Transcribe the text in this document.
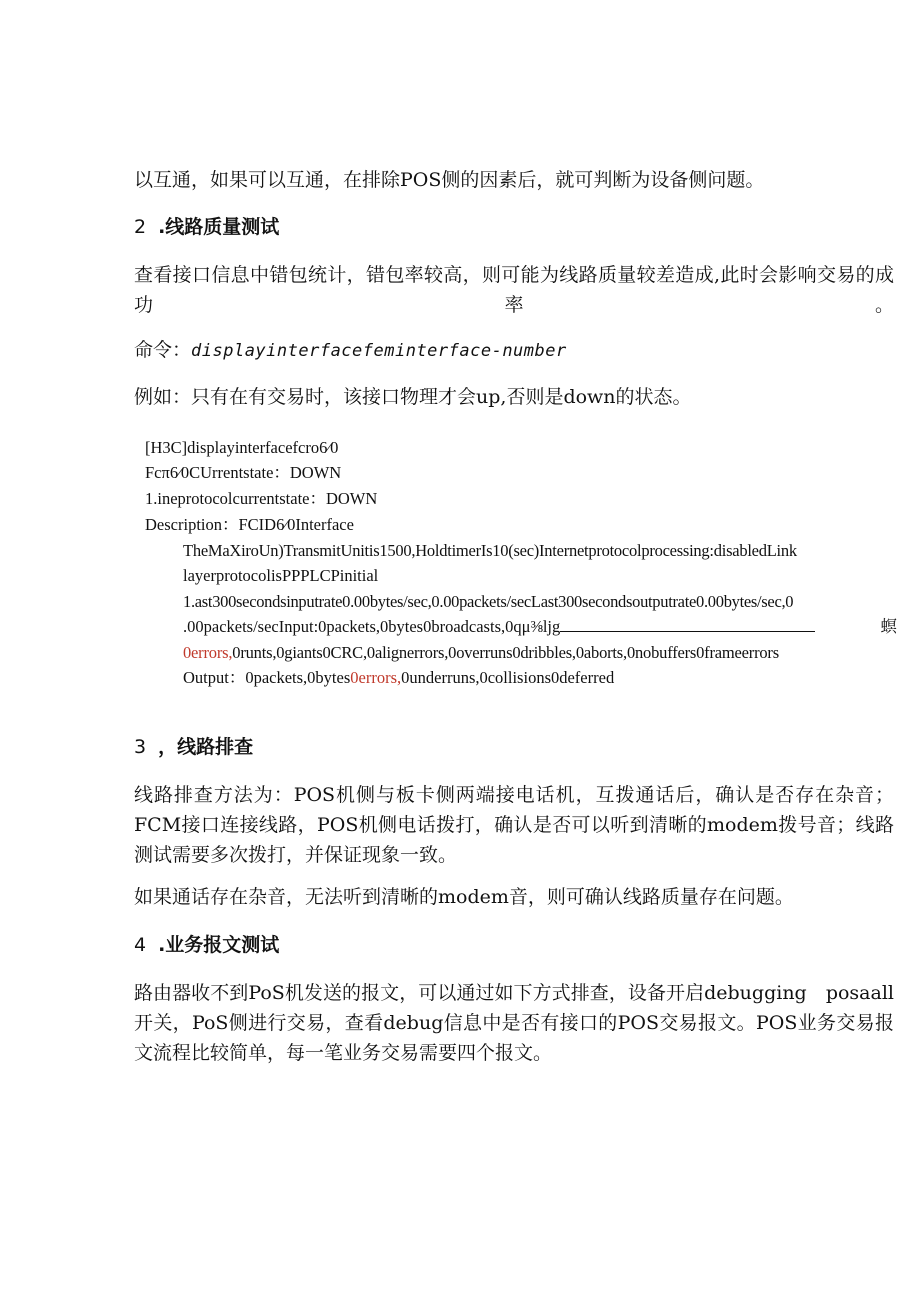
以互通，如果可以互通，在排除POS侧的因素后，就可判断为设备侧问题。

2 .线路质量测试

查看接口信息中错包统计，错包率较高，则可能为线路质量较差造成,此时会影响交易的成功率。

命令：displayinterfacefeminterface-number

例如：只有在有交易时，该接口物理才会up,否则是down的状态。

[H3C]displayinterfacefcro6∕0

Fcπ6∕0CUrrentstate：DOWN

1.ineprotocolcurrentstate：DOWN

Description：FCID6∕0Interface

TheMaXiroUn)TransmitUnitis1500,HoldtimerIs10(sec)Internetprotocolprocessing:disabledLink

layerprotocolisPPPLCPinitial

1.ast300secondsinputrate0.00bytes/sec,0.00packets/secLast300secondsoutputrate0.00bytes/sec,0

.00packets/secInput:0packets,0bytes0broadcasts,0qμ⅜ljg	螟

0errors,0runts,0giants0CRC,0alignerrors,0overruns0dribbles,0aborts,0nobuffers0frameerrors

Output：0packets,0bytes0errors,0underruns,0collisions0deferred

3 ，线路排查

线路排查方法为：POS机侧与板卡侧两端接电话机，互拨通话后，确认是否存在杂音；FCM接口连接线路，POS机侧电话拨打，确认是否可以听到清晰的modem拨号音；线路测试需要多次拨打，并保证现象一致。

如果通话存在杂音，无法听到清晰的modem音，则可确认线路质量存在问题。

4 .业务报文测试

路由器收不到PoS机发送的报文，可以通过如下方式排查，设备开启debugging　posaall开关，PoS侧进行交易，查看debug信息中是否有接口的POS交易报文。POS业务交易报文流程比较简单，每一笔业务交易需要四个报文。
